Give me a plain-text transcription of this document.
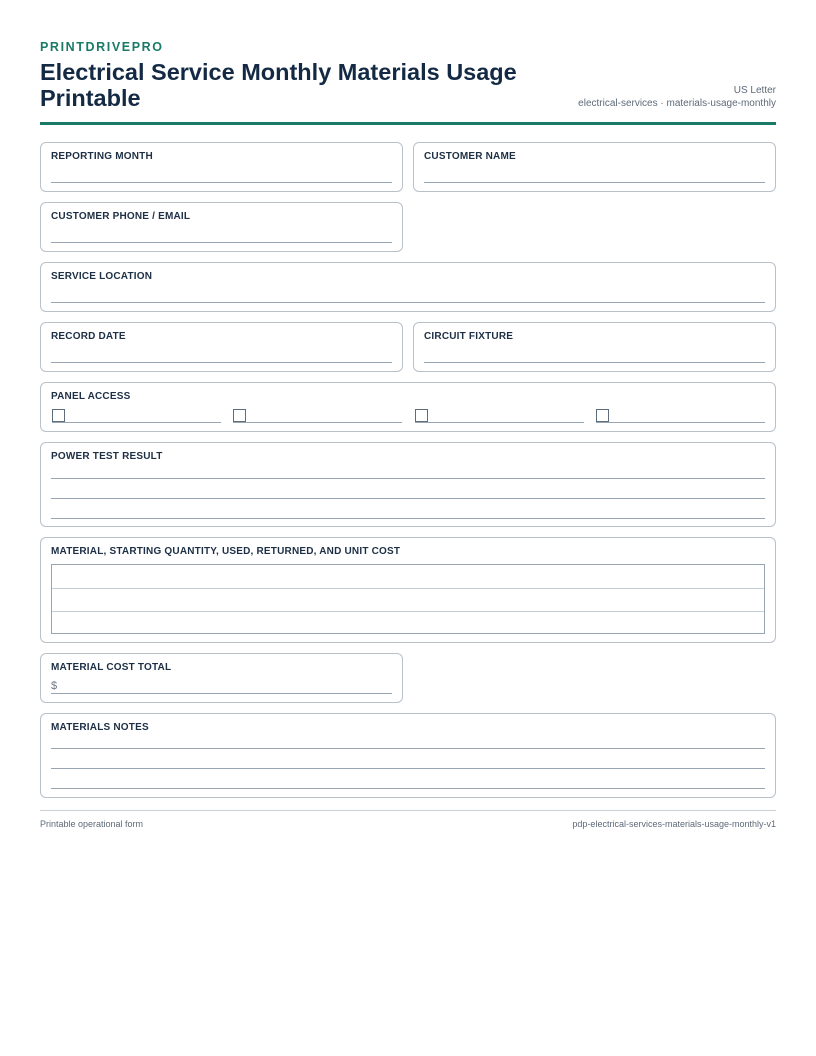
PRINTDRIVEPRO
Electrical Service Monthly Materials Usage Printable	US Letter
electrical-services · materials-usage-monthly
REPORTING MONTH	CUSTOMER NAME
CUSTOMER PHONE / EMAIL
SERVICE LOCATION
RECORD DATE	CIRCUIT FIXTURE
PANEL ACCESS
POWER TEST RESULT
MATERIAL, STARTING QUANTITY, USED, RETURNED, AND UNIT COST
MATERIAL COST TOTAL
$
MATERIALS NOTES
Printable operational form	pdp-electrical-services-materials-usage-monthly-v1
